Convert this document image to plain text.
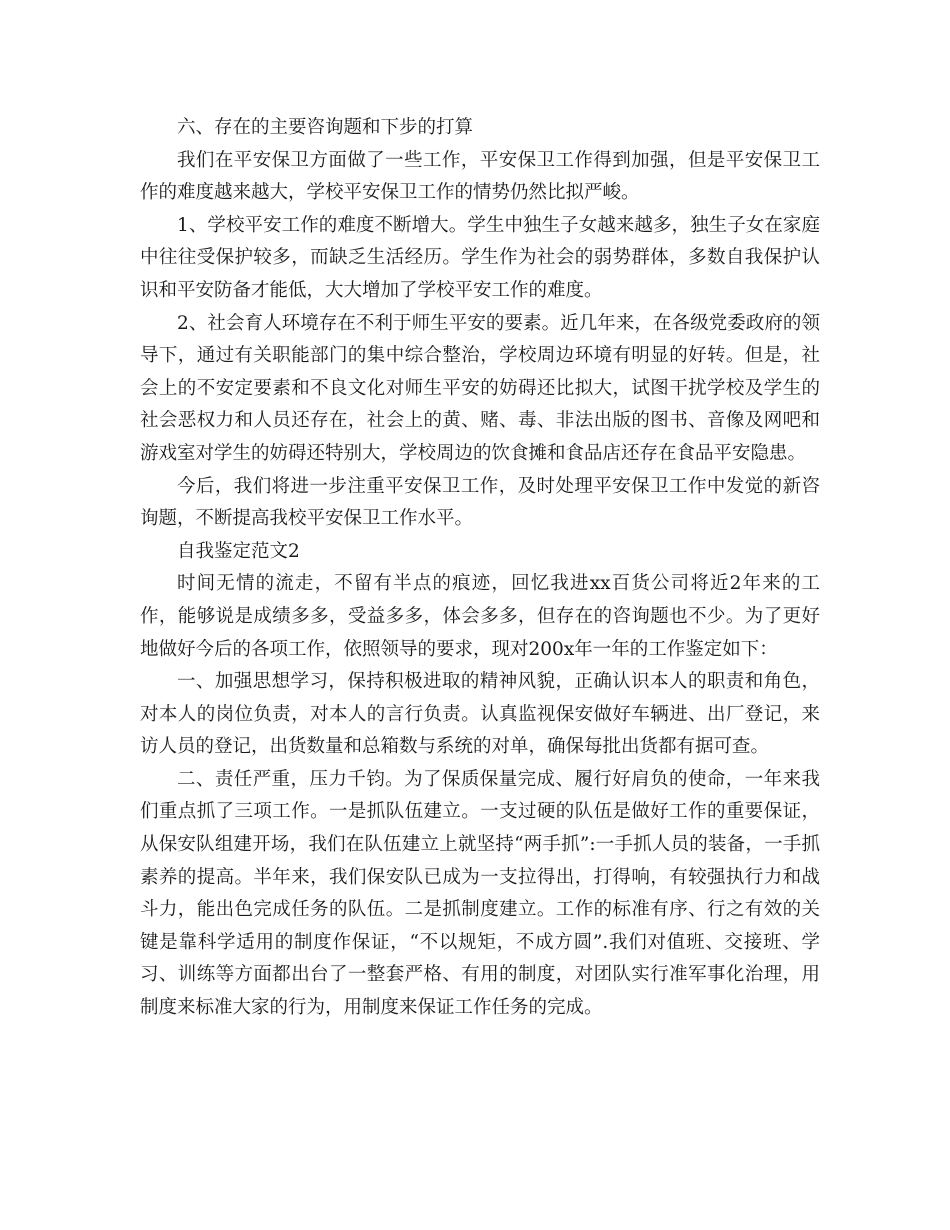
六、存在的主要咨询题和下步的打算

我们在平安保卫方面做了一些工作，平安保卫工作得到加强，但是平安保卫工作的难度越来越大，学校平安保卫工作的情势仍然比拟严峻。

1、学校平安工作的难度不断增大。学生中独生子女越来越多，独生子女在家庭中往往受保护较多，而缺乏生活经历。学生作为社会的弱势群体，多数自我保护认识和平安防备才能低，大大增加了学校平安工作的难度。

2、社会育人环境存在不利于师生平安的要素。近几年来，在各级党委政府的领导下，通过有关职能部门的集中综合整治，学校周边环境有明显的好转。但是，社会上的不安定要素和不良文化对师生平安的妨碍还比拟大，试图干扰学校及学生的社会恶权力和人员还存在，社会上的黄、赌、毒、非法出版的图书、音像及网吧和游戏室对学生的妨碍还特别大，学校周边的饮食摊和食品店还存在食品平安隐患。

今后，我们将进一步注重平安保卫工作，及时处理平安保卫工作中发觉的新咨询题，不断提高我校平安保卫工作水平。

自我鉴定范文2

时间无情的流走，不留有半点的痕迹，回忆我进xx百货公司将近2年来的工作，能够说是成绩多多，受益多多，体会多多，但存在的咨询题也不少。为了更好地做好今后的各项工作，依照领导的要求，现对200x年一年的工作鉴定如下：

一、加强思想学习，保持积极进取的精神风貌，正确认识本人的职责和角色，对本人的岗位负责，对本人的言行负责。认真监视保安做好车辆进、出厂登记，来访人员的登记，出货数量和总箱数与系统的对单，确保每批出货都有据可查。

二、责任严重，压力千钧。为了保质保量完成、履行好肩负的使命，一年来我们重点抓了三项工作。一是抓队伍建立。一支过硬的队伍是做好工作的重要保证，从保安队组建开场，我们在队伍建立上就坚持“两手抓”:一手抓人员的装备，一手抓素养的提高。半年来，我们保安队已成为一支拉得出，打得响，有较强执行力和战斗力，能出色完成任务的队伍。二是抓制度建立。工作的标准有序、行之有效的关键是靠科学适用的制度作保证，“不以规矩，不成方圆”.我们对值班、交接班、学习、训练等方面都出台了一整套严格、有用的制度，对团队实行准军事化治理，用制度来标准大家的行为，用制度来保证工作任务的完成。
